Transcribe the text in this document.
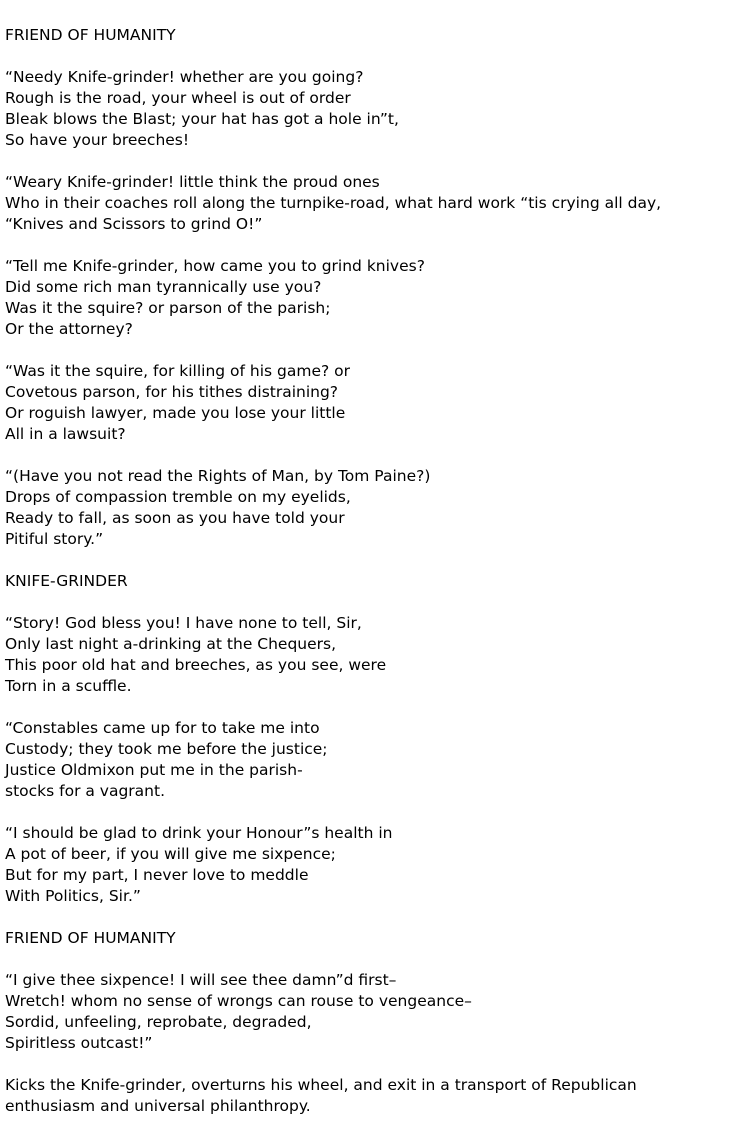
FRIEND OF HUMANITY
“Needy Knife-grinder! whether are you going?
Rough is the road, your wheel is out of order
Bleak blows the Blast; your hat has got a hole in”t,
So have your breeches!
“Weary Knife-grinder! little think the proud ones
Who in their coaches roll along the turnpike-road, what hard work “tis crying all day,
“Knives and Scissors to grind O!”
“Tell me Knife-grinder, how came you to grind knives?
Did some rich man tyrannically use you?
Was it the squire? or parson of the parish;
Or the attorney?
“Was it the squire, for killing of his game? or
Covetous parson, for his tithes distraining?
Or roguish lawyer, made you lose your little
All in a lawsuit?
“(Have you not read the Rights of Man, by Tom Paine?)
Drops of compassion tremble on my eyelids,
Ready to fall, as soon as you have told your
Pitiful story.”
KNIFE-GRINDER
“Story! God bless you! I have none to tell, Sir,
Only last night a-drinking at the Chequers,
This poor old hat and breeches, as you see, were
Torn in a scuffle.
“Constables came up for to take me into
Custody; they took me before the justice;
Justice Oldmixon put me in the parish-
stocks for a vagrant.
“I should be glad to drink your Honour”s health in
A pot of beer, if you will give me sixpence;
But for my part, I never love to meddle
With Politics, Sir.”
FRIEND OF HUMANITY
“I give thee sixpence! I will see thee damn”d first–
Wretch! whom no sense of wrongs can rouse to vengeance–
Sordid, unfeeling, reprobate, degraded,
Spiritless outcast!”
Kicks the Knife-grinder, overturns his wheel, and exit in a transport of Republican
enthusiasm and universal philanthropy.
